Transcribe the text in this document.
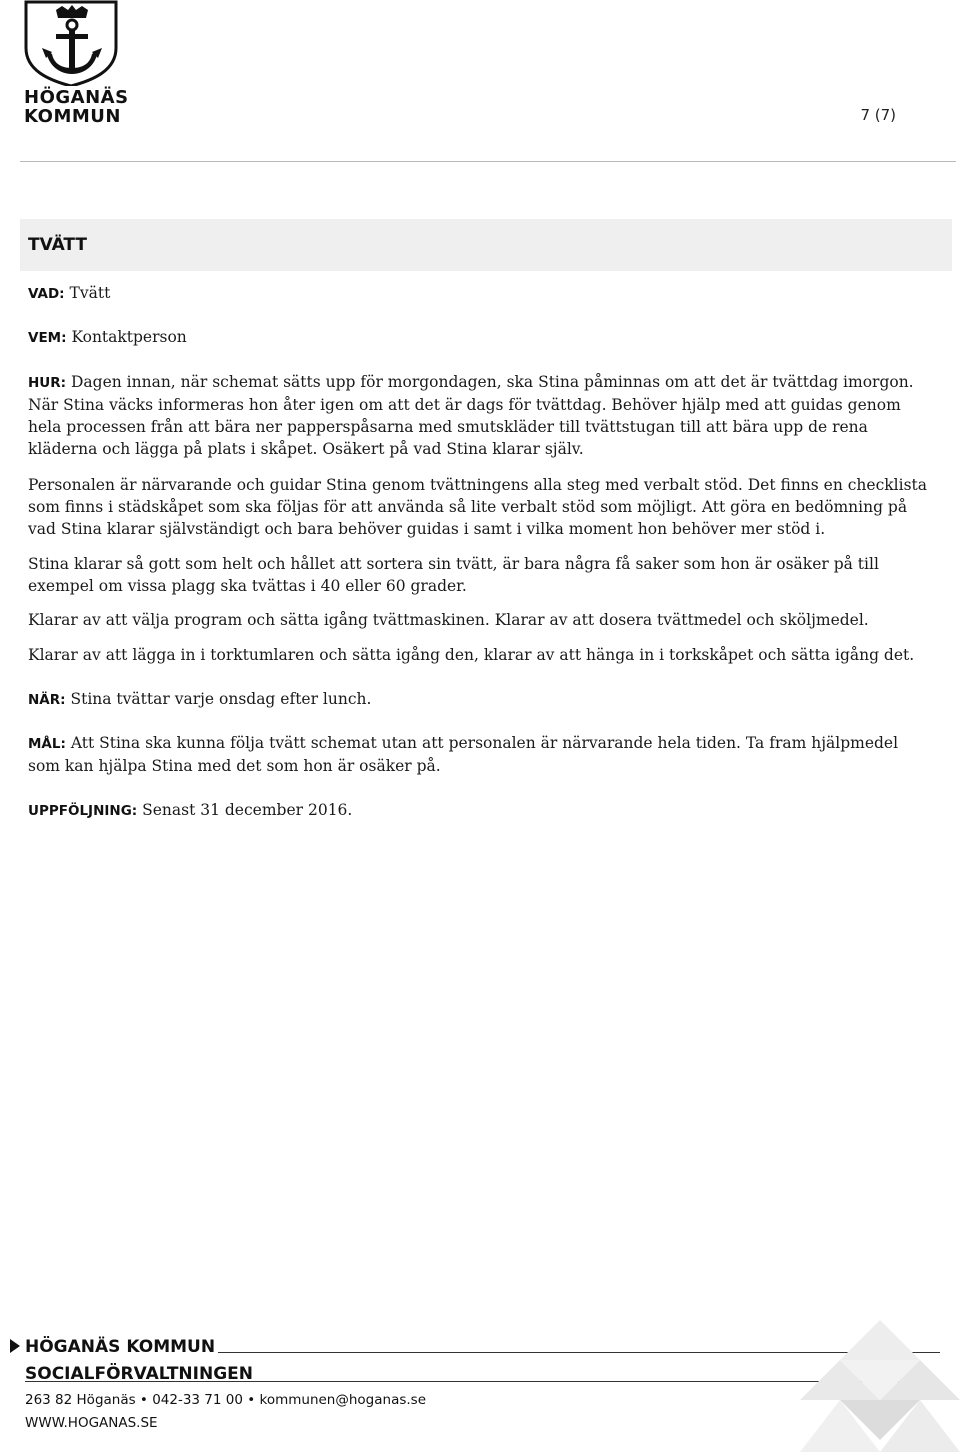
HÖGANÄS
KOMMUN	7 (7)
TVÄTT
VAD: Tvätt
VEM: Kontaktperson

HUR: Dagen innan, när schemat sätts upp för morgondagen, ska Stina påminnas om att det är tvättdag imorgon. När Stina väcks informeras hon åter igen om att det är dags för tvättdag. Behöver hjälp med att guidas genom hela processen från att bära ner papperspåsarna med smutskläder till tvättstugan till att bära upp de rena kläderna och lägga på plats i skåpet. Osäkert på vad Stina klarar själv.

Personalen är närvarande och guidar Stina genom tvättningens alla steg med verbalt stöd. Det finns en checklista som finns i städskåpet som ska följas för att använda så lite verbalt stöd som möjligt. Att göra en bedömning på vad Stina klarar självständigt och bara behöver guidas i samt i vilka moment hon behöver mer stöd i.

Stina klarar så gott som helt och hållet att sortera sin tvätt, är bara några få saker som hon är osäker på till exempel om vissa plagg ska tvättas i 40 eller 60 grader.

Klarar av att välja program och sätta igång tvättmaskinen. Klarar av att dosera tvättmedel och sköljmedel.

Klarar av att lägga in i torktumlaren och sätta igång den, klarar av att hänga in i torkskåpet och sätta igång det.

NÄR: Stina tvättar varje onsdag efter lunch.

MÅL: Att Stina ska kunna följa tvätt schemat utan att personalen är närvarande hela tiden. Ta fram hjälpmedel som kan hjälpa Stina med det som hon är osäker på.

UPPFÖLJNING: Senast 31 december 2016.
HÖGANÄS KOMMUN
SOCIALFÖRVALTNINGEN
263 82 Höganäs • 042-33 71 00 • kommunen@hoganas.se
WWW.HOGANAS.SE
